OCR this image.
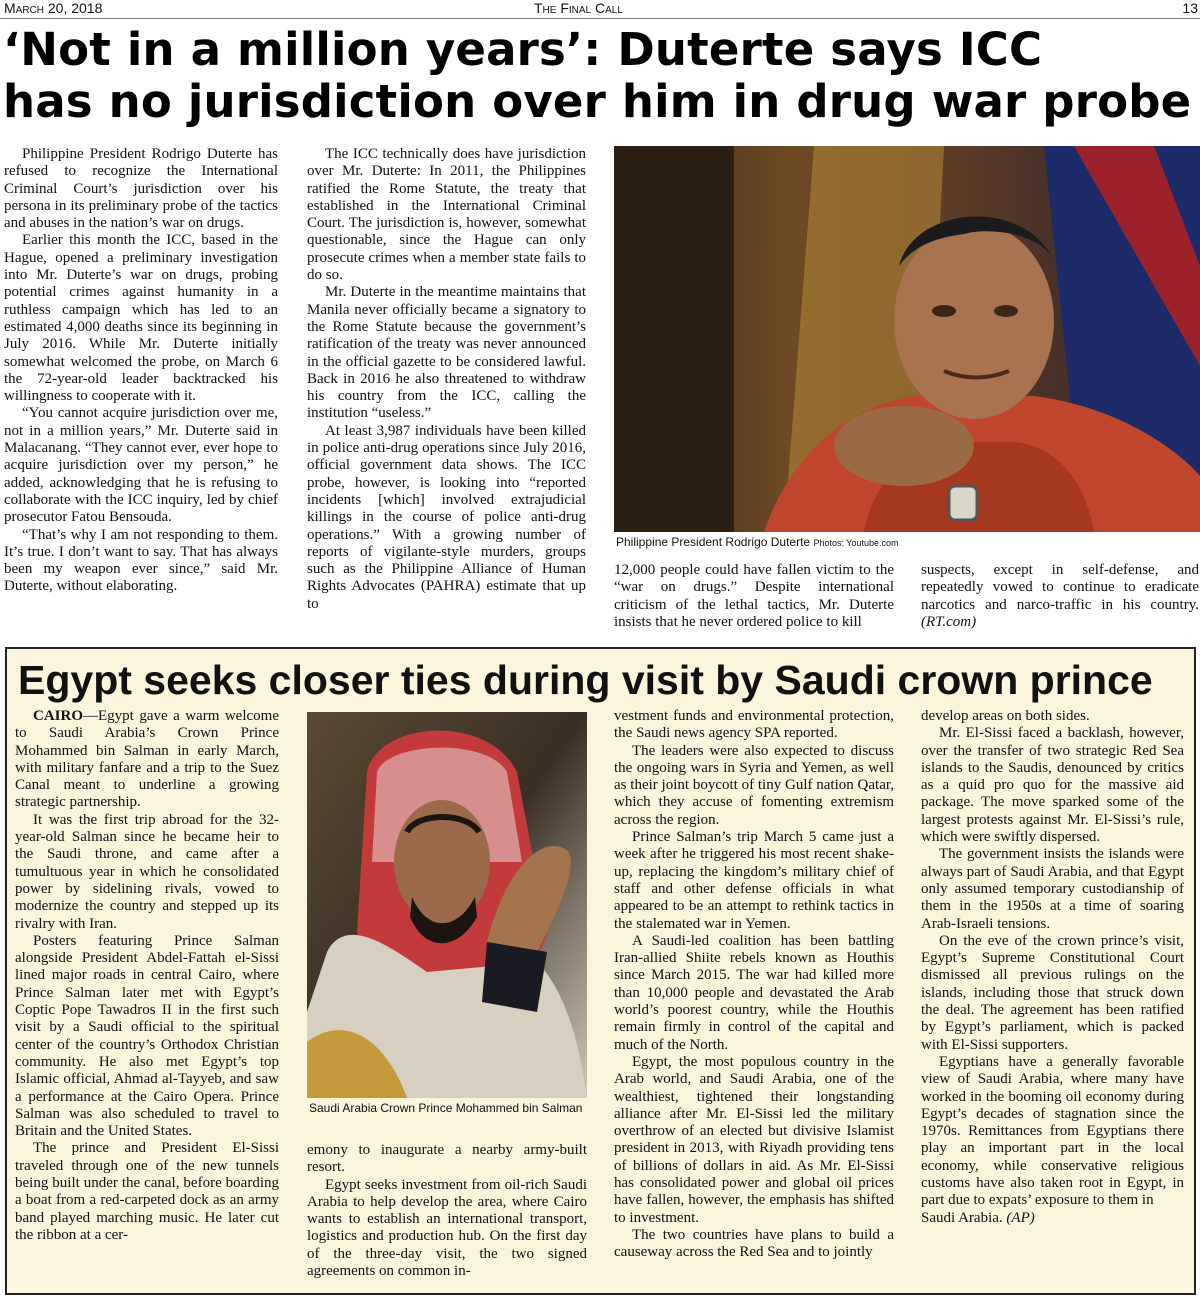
March 20, 2018	The Final Call	13
‘Not in a million years’: Duterte says ICC
has no jurisdiction over him in drug war probe

Philippine President Rodrigo Duterte has refused to recognize the International Criminal Court’s jurisdiction over his persona in its preliminary probe of the tactics and abuses in the nation’s war on drugs.

Earlier this month the ICC, based in the Hague, opened a preliminary investigation into Mr. Duterte’s war on drugs, probing potential crimes against humanity in a ruthless campaign which has led to an estimated 4,000 deaths since its beginning in July 2016. While Mr. Duterte initially somewhat welcomed the probe, on March 6 the 72-year-old leader backtracked his willingness to cooperate with it.

“You cannot acquire jurisdiction over me, not in a million years,” Mr. Duterte said in Malacanang. “They cannot ever, ever hope to acquire jurisdiction over my person,” he added, acknowledging that he is refusing to collaborate with the ICC inquiry, led by chief prosecutor Fatou Bensouda.

“That’s why I am not responding to them. It’s true. I don’t want to say. That has always been my weapon ever since,” said Mr. Duterte, without elaborating.

The ICC technically does have jurisdiction over Mr. Duterte: In 2011, the Philippines ratified the Rome Statute, the treaty that established in the International Criminal Court. The jurisdiction is, however, somewhat questionable, since the Hague can only prosecute crimes when a member state fails to do so.

Mr. Duterte in the meantime maintains that Manila never officially became a signatory to the Rome Statute because the government’s ratification of the treaty was never announced in the official gazette to be considered lawful. Back in 2016 he also threatened to withdraw his country from the ICC, calling the institution “useless.”

At least 3,987 individuals have been killed in police anti-drug operations since July 2016, official government data shows. The ICC probe, however, is looking into “reported incidents [which] involved extrajudicial killings in the course of police anti-drug operations.” With a growing number of reports of vigilante-style murders, groups such as the Philippine Alliance of Human Rights Advocates (PAHRA) estimate that up to

Philippine President Rodrigo Duterte Photos: Youtube.com

12,000 people could have fallen victim to the “war on drugs.” Despite international criticism of the lethal tactics, Mr. Duterte insists that he never ordered police to kill

suspects, except in self-defense, and repeatedly vowed to continue to eradicate narcotics and narco-traffic in his country. (RT.com)

Egypt seeks closer ties during visit by Saudi crown prince

CAIRO—Egypt gave a warm welcome to Saudi Arabia’s Crown Prince Mohammed bin Salman in early March, with military fanfare and a trip to the Suez Canal meant to underline a growing strategic partnership.

It was the first trip abroad for the 32-year-old Salman since he became heir to the Saudi throne, and came after a tumultuous year in which he consolidated power by sidelining rivals, vowed to modernize the country and stepped up its rivalry with Iran.

Posters featuring Prince Salman alongside President Abdel-Fattah el-Sissi lined major roads in central Cairo, where Prince Salman later met with Egypt’s Coptic Pope Tawadros II in the first such visit by a Saudi official to the spiritual center of the country’s Orthodox Christian community. He also met Egypt’s top Islamic official, Ahmad al-Tayyeb, and saw a performance at the Cairo Opera. Prince Salman was also scheduled to travel to Britain and the United States.

The prince and President El-Sissi traveled through one of the new tunnels being built under the canal, before boarding a boat from a red-carpeted dock as an army band played marching music. He later cut the ribbon at a cer-

Saudi Arabia Crown Prince Mohammed bin Salman

emony to inaugurate a nearby army-built resort.

Egypt seeks investment from oil-rich Saudi Arabia to help develop the area, where Cairo wants to establish an international transport, logistics and production hub. On the first day of the three-day visit, the two signed agreements on common in-

vestment funds and environmental protection, the Saudi news agency SPA reported.

The leaders were also expected to discuss the ongoing wars in Syria and Yemen, as well as their joint boycott of tiny Gulf nation Qatar, which they accuse of fomenting extremism across the region.

Prince Salman’s trip March 5 came just a week after he triggered his most recent shake-up, replacing the kingdom’s military chief of staff and other defense officials in what appeared to be an attempt to rethink tactics in the stalemated war in Yemen.

A Saudi-led coalition has been battling Iran-allied Shiite rebels known as Houthis since March 2015. The war had killed more than 10,000 people and devastated the Arab world’s poorest country, while the Houthis remain firmly in control of the capital and much of the North.

Egypt, the most populous country in the Arab world, and Saudi Arabia, one of the wealthiest, tightened their longstanding alliance after Mr. El-Sissi led the military overthrow of an elected but divisive Islamist president in 2013, with Riyadh providing tens of billions of dollars in aid. As Mr. El-Sissi has consolidated power and global oil prices have fallen, however, the emphasis has shifted to investment.

The two countries have plans to build a causeway across the Red Sea and to jointly

develop areas on both sides.

Mr. El-Sissi faced a backlash, however, over the transfer of two strategic Red Sea islands to the Saudis, denounced by critics as a quid pro quo for the massive aid package. The move sparked some of the largest protests against Mr. El-Sissi’s rule, which were swiftly dispersed.

The government insists the islands were always part of Saudi Arabia, and that Egypt only assumed temporary custodianship of them in the 1950s at a time of soaring Arab-Israeli tensions.

On the eve of the crown prince’s visit, Egypt’s Supreme Constitutional Court dismissed all previous rulings on the islands, including those that struck down the deal. The agreement has been ratified by Egypt’s parliament, which is packed with El-Sissi supporters.

Egyptians have a generally favorable view of Saudi Arabia, where many have worked in the booming oil economy during Egypt’s decades of stagnation since the 1970s. Remittances from Egyptians there play an important part in the local economy, while conservative religious customs have also taken root in Egypt, in part due to expats’ exposure to them in

Saudi Arabia. (AP)
